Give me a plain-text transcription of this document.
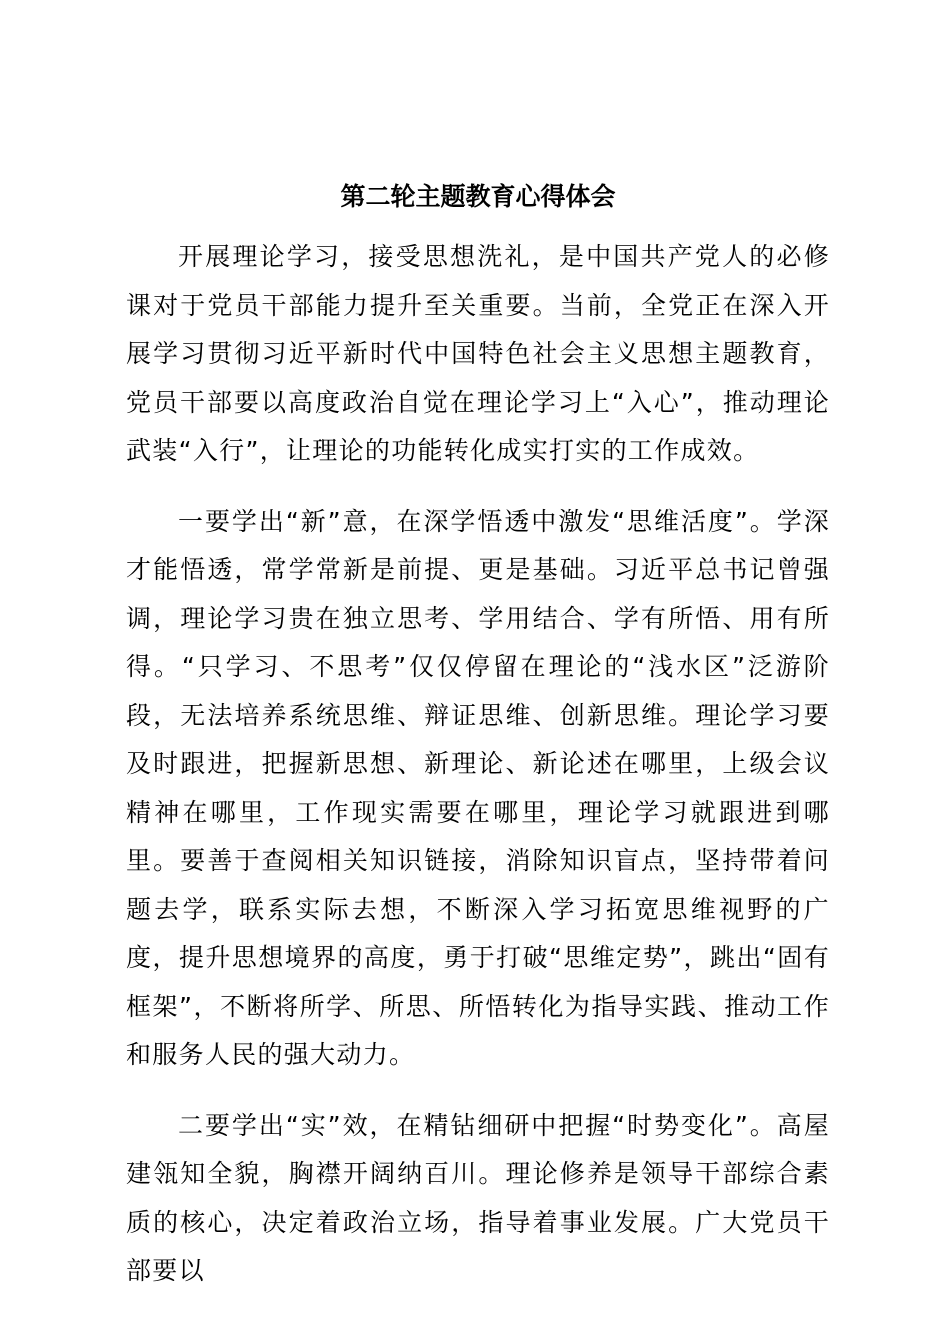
第二轮主题教育心得体会

开展理论学习，接受思想洗礼，是中国共产党人的必修课对于党员干部能力提升至关重要。当前，全党正在深入开展学习贯彻习近平新时代中国特色社会主义思想主题教育，党员干部要以高度政治自觉在理论学习上“入心”，推动理论武装“入行”，让理论的功能转化成实打实的工作成效。

一要学出“新”意，在深学悟透中激发“思维活度”。学深才能悟透，常学常新是前提、更是基础。习近平总书记曾强调，理论学习贵在独立思考、学用结合、学有所悟、用有所得。“只学习、不思考”仅仅停留在理论的“浅水区”泛游阶段，无法培养系统思维、辩证思维、创新思维。理论学习要及时跟进，把握新思想、新理论、新论述在哪里，上级会议精神在哪里，工作现实需要在哪里，理论学习就跟进到哪里。要善于查阅相关知识链接，消除知识盲点，坚持带着问题去学，联系实际去想，不断深入学习拓宽思维视野的广度，提升思想境界的高度，勇于打破“思维定势”，跳出“固有框架”，不断将所学、所思、所悟转化为指导实践、推动工作和服务人民的强大动力。

二要学出“实”效，在精钻细研中把握“时势变化”。高屋建瓴知全貌，胸襟开阔纳百川。理论修养是领导干部综合素质的核心，决定着政治立场，指导着事业发展。广大党员干部要以
